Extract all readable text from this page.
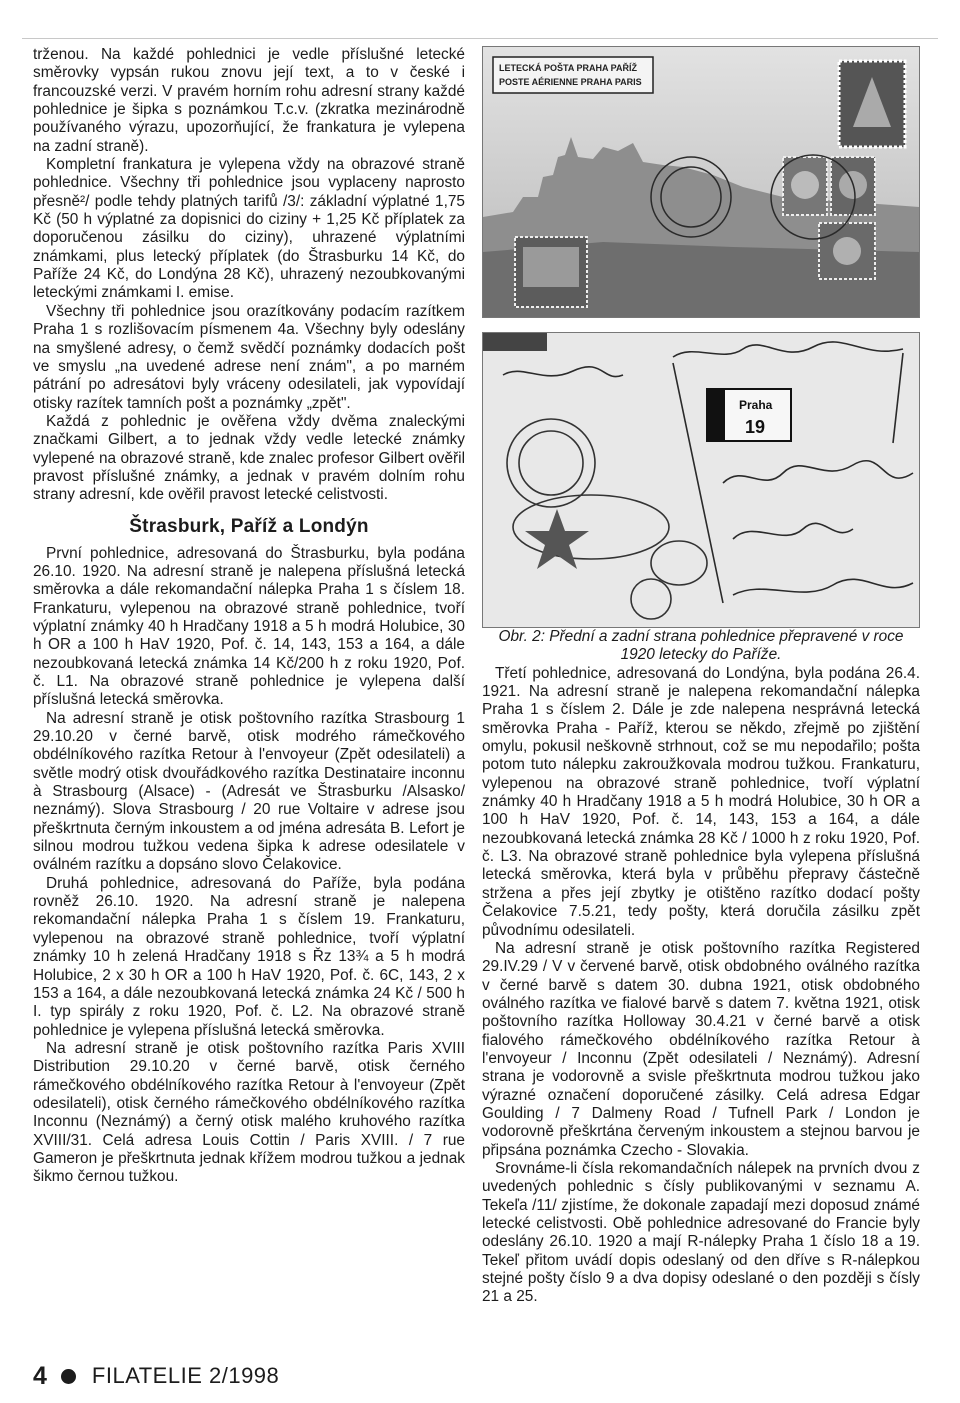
trženou. Na každé pohlednici je vedle příslušné letecké směrovky vypsán rukou znovu její text, a to v české i francouzské verzi. V pravém horním rohu adresní strany každé pohlednice je šipka s poznámkou T.c.v. (zkratka mezinárodně používaného výrazu, upozorňující, že frankatura je vylepena na zadní straně).

Kompletní frankatura je vylepena vždy na obrazové straně pohlednice. Všechny tři pohlednice jsou vyplaceny naprosto přesně²/ podle tehdy platných tarifů /3/: základní výplatné 1,75 Kč (50 h výplatné za dopisnici do ciziny + 1,25 Kč příplatek za doporučenou zásilku do ciziny), uhrazené výplatními známkami, plus letecký příplatek (do Štrasburku 14 Kč, do Paříže 24 Kč, do Londýna 28 Kč), uhrazený nezoubkovanými leteckými známkami I. emise.

Všechny tři pohlednice jsou orazítkovány podacím razítkem Praha 1 s rozlišovacím písmenem 4a. Všechny byly odeslány na smyšlené adresy, o čemž svědčí poznámky dodacích pošt ve smyslu „na uvedené adrese není znám", a po marném pátrání po adresátovi byly vráceny odesilateli, jak vypovídají otisky razítek tamních pošt a poznámky „zpět".

Každá z pohlednic je ověřena vždy dvěma znaleckými značkami Gilbert, a to jednak vždy vedle letecké známky vylepené na obrazové straně, kde znalec profesor Gilbert ověřil pravost příslušné známky, a jednak v pravém dolním rohu strany adresní, kde ověřil pravost letecké celistvosti.

Štrasburk, Paříž a Londýn

První pohlednice, adresovaná do Štrasburku, byla podána 26.10. 1920. Na adresní straně je nalepena příslušná letecká směrovka a dále rekomandační nálepka Praha 1 s číslem 18. Frankaturu, vylepenou na obrazové straně pohlednice, tvoří výplatní známky 40 h Hradčany 1918 a 5 h modrá Holubice, 30 h OR a 100 h HaV 1920, Pof. č. 14, 143, 153 a 164, a dále nezoubkovaná letecká známka 14 Kč/200 h z roku 1920, Pof. č. L1. Na obrazové straně pohlednice je vylepena další příslušná letecká směrovka.

Na adresní straně je otisk poštovního razítka Strasbourg 1 29.10.20 v černé barvě, otisk modrého rámečkového obdélníkového razítka Retour à l'envoyeur (Zpět odesilateli) a světle modrý otisk dvouřádkového razítka Destinataire inconnu à Strasbourg (Alsace) - (Adresát ve Štrasburku /Alsasko/ neznámý). Slova Strasbourg / 20 rue Voltaire v adrese jsou přeškrtnuta černým inkoustem a od jména adresáta B. Lefort je silnou modrou tužkou vedena šipka k adrese odesilatele v oválném razítku a dopsáno slovo Čelakovice.

Druhá pohlednice, adresovaná do Paříže, byla podána rovněž 26.10. 1920. Na adresní straně je nalepena rekomandační nálepka Praha 1 s číslem 19. Frankaturu, vylepenou na obrazové straně pohlednice, tvoří výplatní známky 10 h zelená Hradčany 1918 s Řz 13¾ a 5 h modrá Holubice, 2 x 30 h OR a 100 h HaV 1920, Pof. č. 6C, 143, 2 x 153 a 164, a dále nezoubkovaná letecká známka 24 Kč / 500 h I. typ spirály z roku 1920, Pof. č. L2. Na obrazové straně pohlednice je vylepena příslušná letecká směrovka.

Na adresní straně je otisk poštovního razítka Paris XVIII Distribution 29.10.20 v černé barvě, otisk černého rámečkového obdélníkového razítka Retour à l'envoyeur (Zpět odesilateli), otisk černého rámečkového obdélníkového razítka Inconnu (Neznámý) a černý otisk malého kruhového razítka XVIII/31. Celá adresa Louis Cottin / Paris XVIII. / 7 rue Gameron je přeškrtnuta jednak křížem modrou tužkou a jednak šikmo černou tužkou.

LETECKÁ POŠTA PRAHA PAŘÍŽ
POSTE AÉRIENNE PRAHA PARIS
Praha
19

Obr. 2: Přední a zadní strana pohlednice přepravené v roce
1920 letecky do Paříže.

Třetí pohlednice, adresovaná do Londýna, byla podána 26.4. 1921. Na adresní straně je nalepena rekomandační nálepka Praha 1 s číslem 2. Dále je zde nalepena nesprávná letecká směrovka Praha - Paříž, kterou se někdo, zřejmě po zjištění omylu, pokusil neškovně strhnout, což se mu nepodařilo; pošta potom tuto nálepku zakroužkovala modrou tužkou. Frankaturu, vylepenou na obrazové straně pohlednice, tvoří výplatní známky 40 h Hradčany 1918 a 5 h modrá Holubice, 30 h OR a 100 h HaV 1920, Pof. č. 14, 143, 153 a 164, a dále nezoubkovaná letecká známka 28 Kč / 1000 h z roku 1920, Pof. č. L3. Na obrazové straně pohlednice byla vylepena příslušná letecká směrovka, která byla v průběhu přepravy částečně stržena a přes její zbytky je otištěno razítko dodací pošty Čelakovice 7.5.21, tedy pošty, která doručila zásilku zpět původnímu odesilateli.

Na adresní straně je otisk poštovního razítka Registered 29.IV.29 / V v červené barvě, otisk obdobného oválného razítka v černé barvě s datem 30. dubna 1921, otisk obdobného oválného razítka ve fialové barvě s datem 7. května 1921, otisk poštovního razítka Holloway 30.4.21 v černé barvě a otisk fialového rámečkového obdélníkového razítka Retour à l'envoyeur / Inconnu (Zpět odesilateli / Neznámý). Adresní strana je vodorovně a svisle přeškrtnuta modrou tužkou jako výrazné označení doporučené zásilky. Celá adresa Edgar Goulding / 7 Dalmeny Road / Tufnell Park / London je vodorovně přeškrtána červeným inkoustem a stejnou barvou je připsána poznámka Czecho - Slovakia.

Srovnáme-li čísla rekomandačních nálepek na prvních dvou z uvedených pohlednic s čísly publikovanými v seznamu A. Tekeľa /11/ zjistíme, že dokonale zapadají mezi doposud známé letecké celistvosti. Obě pohlednice adresované do Francie byly odeslány 26.10. 1920 a mají R-nálepky Praha 1 číslo 18 a 19. Tekeľ přitom uvádí dopis odeslaný od den dříve s R-nálepkou stejné pošty číslo 9 a dva dopisy odeslané o den později s čísly 21 a 25.

4 FILATELIE 2/1998
